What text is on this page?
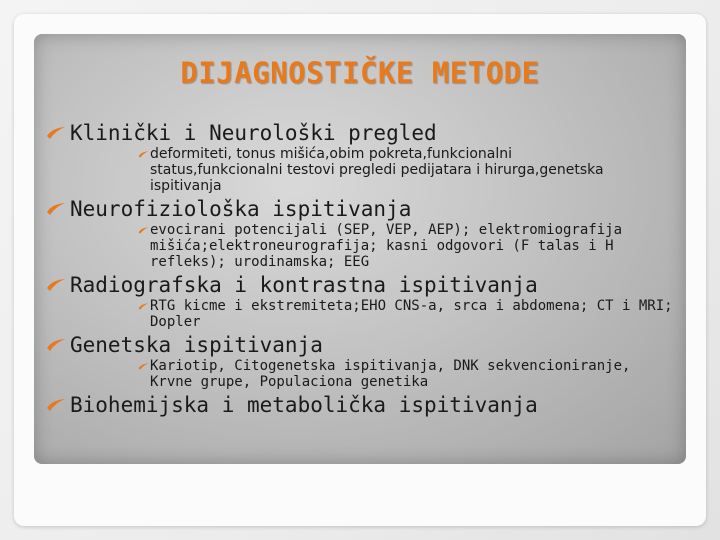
DIJAGNOSTIČKE METODE
Klinički i Neurološki pregled
deformiteti, tonus mišića,obim pokreta,funkcionalni status,funkcionalni testovi pregledi pedijatara i hirurga,genetska ispitivanja
Neurofiziološka ispitivanja
evocirani potencijali (SEP, VEP, AEP); elektromiografija mišića;elektroneurografija; kasni odgovori (F talas i H refleks); urodinamska; EEG
Radiografska i kontrastna ispitivanja
RTG kicme i ekstremiteta;EHO CNS-a, srca i abdomena; CT i MRI; Dopler
Genetska ispitivanja
Kariotip, Citogenetska ispitivanja, DNK sekvencioniranje, Krvne grupe, Populaciona genetika
Biohemijska i metabolička ispitivanja
